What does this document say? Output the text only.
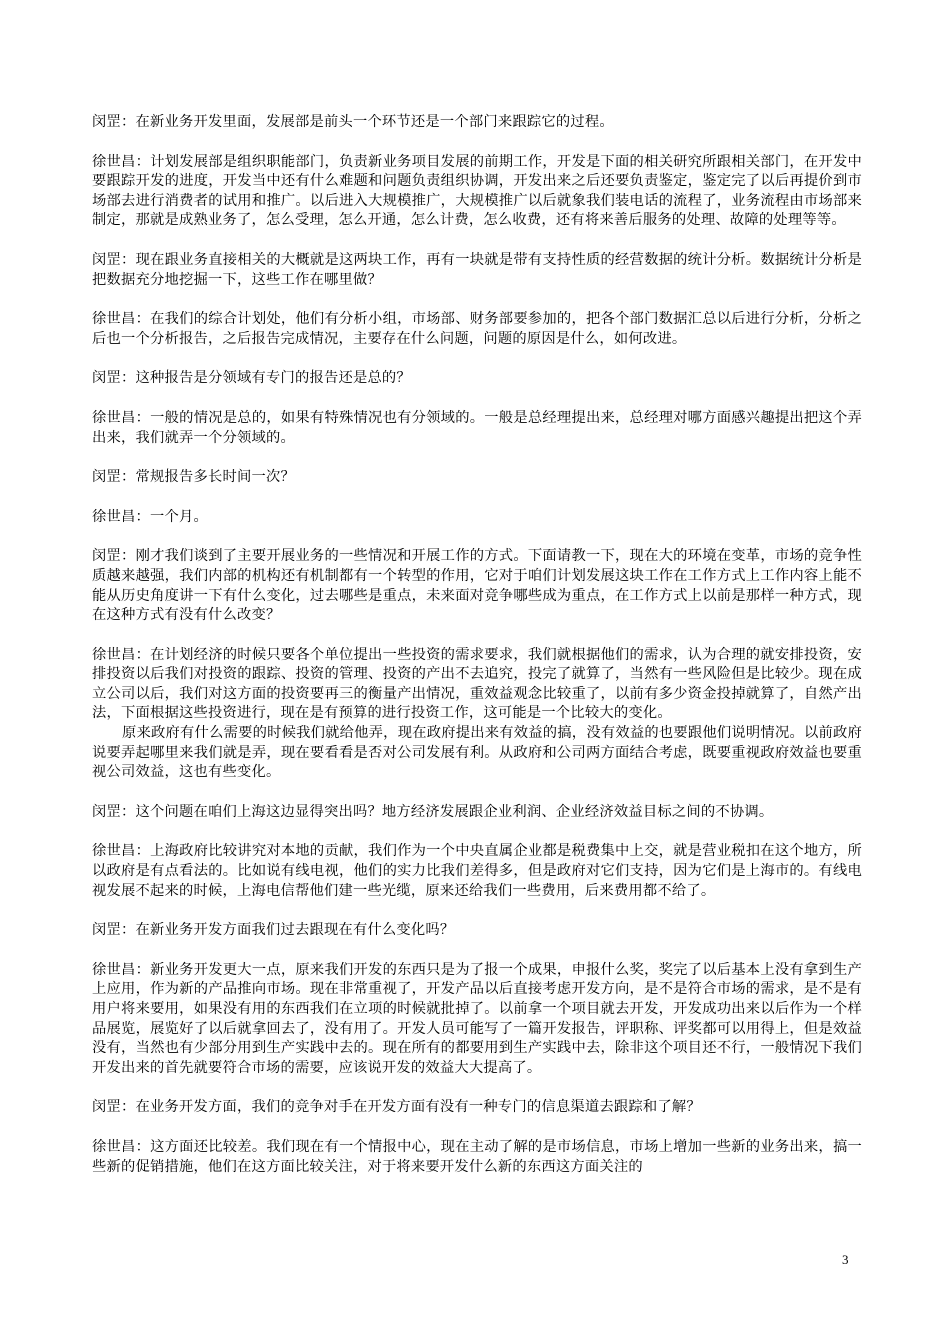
闵罡：在新业务开发里面，发展部是前头一个环节还是一个部门来跟踪它的过程。

徐世昌：计划发展部是组织职能部门，负责新业务项目发展的前期工作，开发是下面的相关研究所跟相关部门，在开发中要跟踪开发的进度，开发当中还有什么难题和问题负责组织协调，开发出来之后还要负责鉴定，鉴定完了以后再提价到市场部去进行消费者的试用和推广。以后进入大规模推广，大规模推广以后就象我们装电话的流程了，业务流程由市场部来制定，那就是成熟业务了，怎么受理，怎么开通，怎么计费，怎么收费，还有将来善后服务的处理、故障的处理等等。

闵罡：现在跟业务直接相关的大概就是这两块工作，再有一块就是带有支持性质的经营数据的统计分析。数据统计分析是把数据充分地挖掘一下，这些工作在哪里做？

徐世昌：在我们的综合计划处，他们有分析小组，市场部、财务部要参加的，把各个部门数据汇总以后进行分析，分析之后也一个分析报告，之后报告完成情况，主要存在什么问题，问题的原因是什么，如何改进。

闵罡：这种报告是分领域有专门的报告还是总的？

徐世昌：一般的情况是总的，如果有特殊情况也有分领域的。一般是总经理提出来，总经理对哪方面感兴趣提出把这个弄出来，我们就弄一个分领域的。

闵罡：常规报告多长时间一次？

徐世昌：一个月。

闵罡：刚才我们谈到了主要开展业务的一些情况和开展工作的方式。下面请教一下，现在大的环境在变革，市场的竞争性质越来越强，我们内部的机构还有机制都有一个转型的作用，它对于咱们计划发展这块工作在工作方式上工作内容上能不能从历史角度讲一下有什么变化，过去哪些是重点，未来面对竞争哪些成为重点，在工作方式上以前是那样一种方式，现在这种方式有没有什么改变？

徐世昌：在计划经济的时候只要各个单位提出一些投资的需求要求，我们就根据他们的需求，认为合理的就安排投资，安排投资以后我们对投资的跟踪、投资的管理、投资的产出不去追究，投完了就算了，当然有一些风险但是比较少。现在成立公司以后，我们对这方面的投资要再三的衡量产出情况，重效益观念比较重了，以前有多少资金投掉就算了，自然产出法，下面根据这些投资进行，现在是有预算的进行投资工作，这可能是一个比较大的变化。

原来政府有什么需要的时候我们就给他弄，现在政府提出来有效益的搞，没有效益的也要跟他们说明情况。以前政府说要弄起哪里来我们就是弄，现在要看看是否对公司发展有利。从政府和公司两方面结合考虑，既要重视政府效益也要重视公司效益，这也有些变化。

闵罡：这个问题在咱们上海这边显得突出吗？地方经济发展跟企业利润、企业经济效益目标之间的不协调。

徐世昌：上海政府比较讲究对本地的贡献，我们作为一个中央直属企业都是税费集中上交，就是营业税扣在这个地方，所以政府是有点看法的。比如说有线电视，他们的实力比我们差得多，但是政府对它们支持，因为它们是上海市的。有线电视发展不起来的时候，上海电信帮他们建一些光缆，原来还给我们一些费用，后来费用都不给了。

闵罡：在新业务开发方面我们过去跟现在有什么变化吗？

徐世昌：新业务开发更大一点，原来我们开发的东西只是为了报一个成果，申报什么奖，奖完了以后基本上没有拿到生产上应用，作为新的产品推向市场。现在非常重视了，开发产品以后直接考虑开发方向，是不是符合市场的需求，是不是有用户将来要用，如果没有用的东西我们在立项的时候就批掉了。以前拿一个项目就去开发，开发成功出来以后作为一个样品展览，展览好了以后就拿回去了，没有用了。开发人员可能写了一篇开发报告，评职称、评奖都可以用得上，但是效益没有，当然也有少部分用到生产实践中去的。现在所有的都要用到生产实践中去，除非这个项目还不行，一般情况下我们开发出来的首先就要符合市场的需要，应该说开发的效益大大提高了。

闵罡：在业务开发方面，我们的竞争对手在开发方面有没有一种专门的信息渠道去跟踪和了解？

徐世昌：这方面还比较差。我们现在有一个情报中心，现在主动了解的是市场信息，市场上增加一些新的业务出来，搞一些新的促销措施，他们在这方面比较关注，对于将来要开发什么新的东西这方面关注的

3
